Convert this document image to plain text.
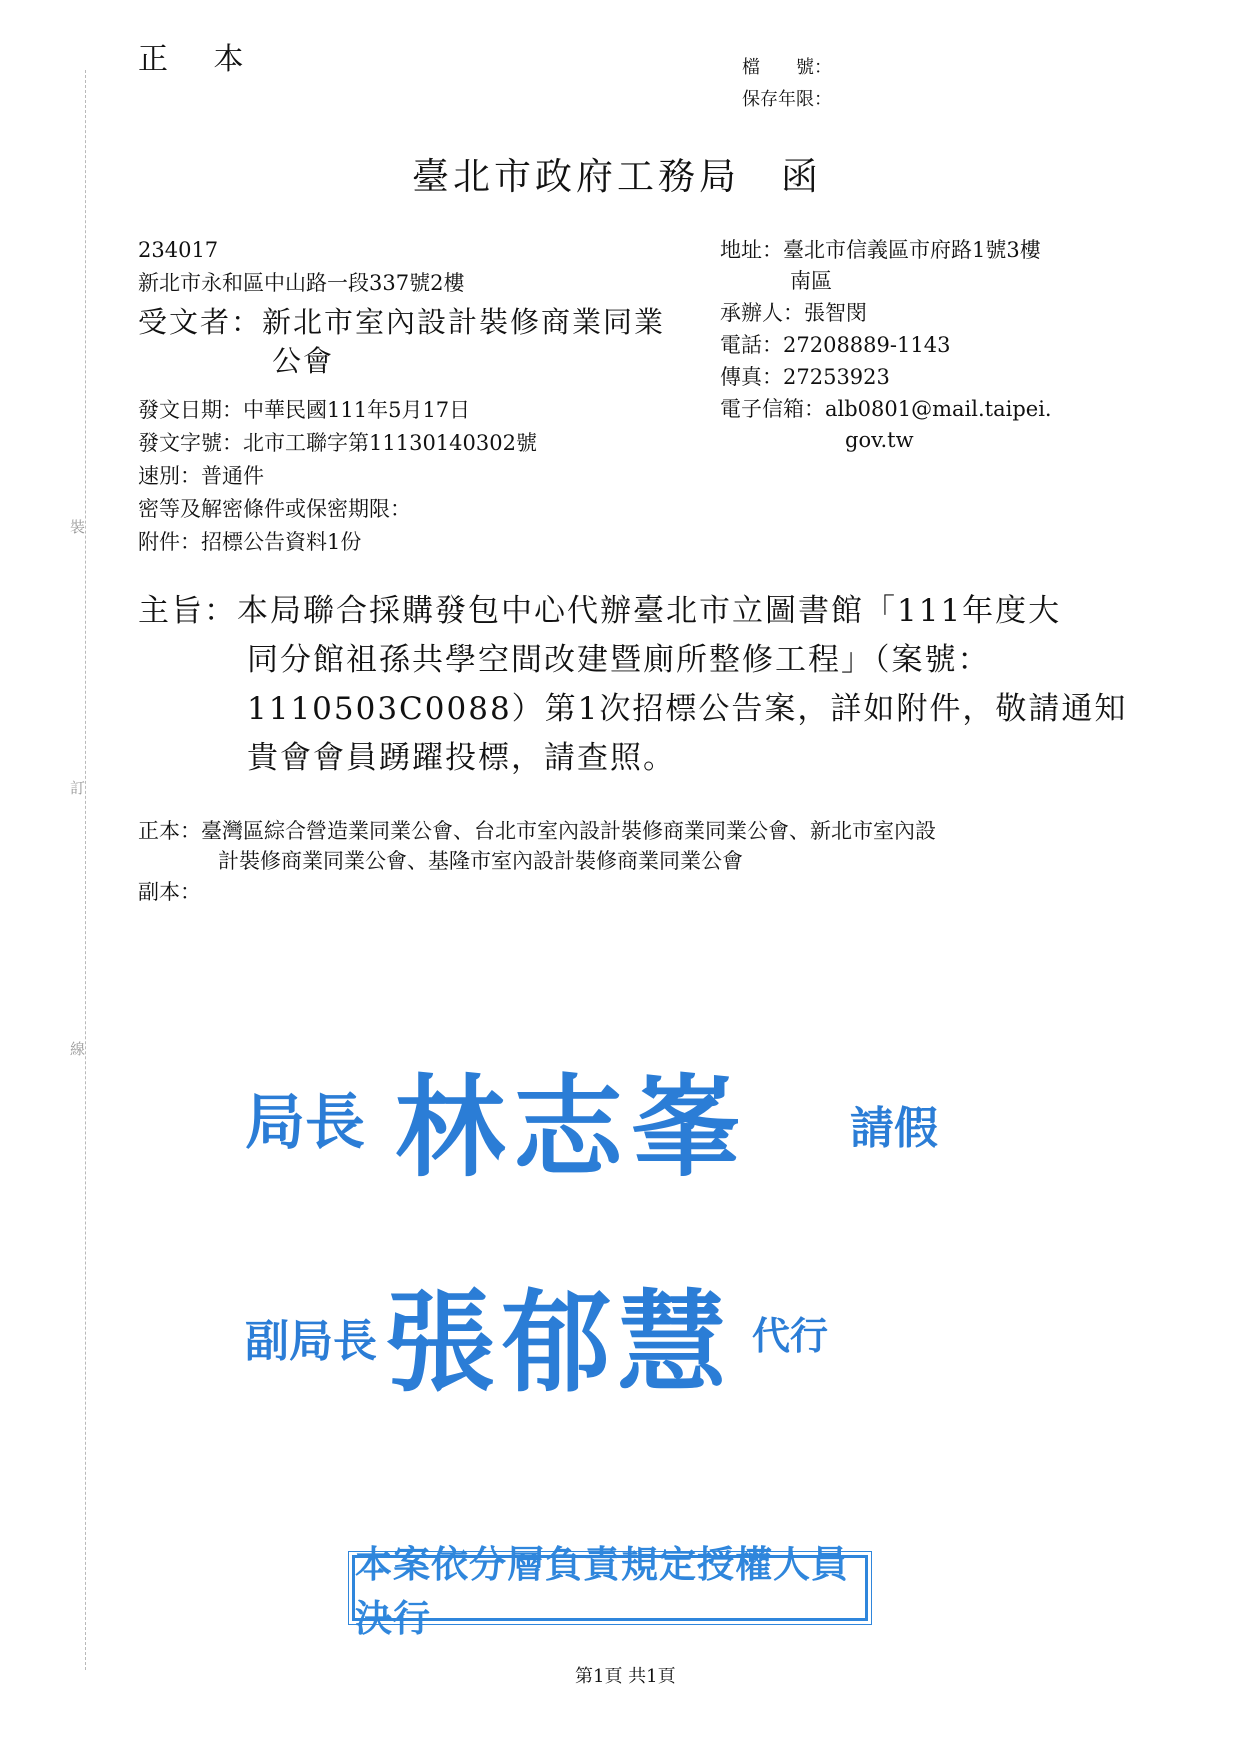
裝
訂
線
正 本	檔　　號：
保存年限：
臺北市政府工務局　函
234017
新北市永和區中山路一段337號2樓
受文者：新北市室內設計裝修商業同業
公會
地址：臺北市信義區市府路1號3樓
南區
承辦人：張智閔
電話：27208889-1143
傳真：27253923
電子信箱：alb0801@mail.taipei.
gov.tw
發文日期：中華民國111年5月17日
發文字號：北市工聯字第11130140302號
速別：普通件
密等及解密條件或保密期限：
附件：招標公告資料1份
主旨：本局聯合採購發包中心代辦臺北市立圖書館「111年度大
同分館祖孫共學空間改建暨廁所整修工程」（案號：
1110503C0088）第1次招標公告案，詳如附件，敬請通知
貴會會員踴躍投標，請查照。
正本：臺灣區綜合營造業同業公會、台北市室內設計裝修商業同業公會、新北市室內設
計裝修商業同業公會、基隆市室內設計裝修商業同業公會
副本：
局長 林志峯 請假
副局長 張郁慧 代行
本案依分層負責規定授權人員決行
第1頁 共1頁
